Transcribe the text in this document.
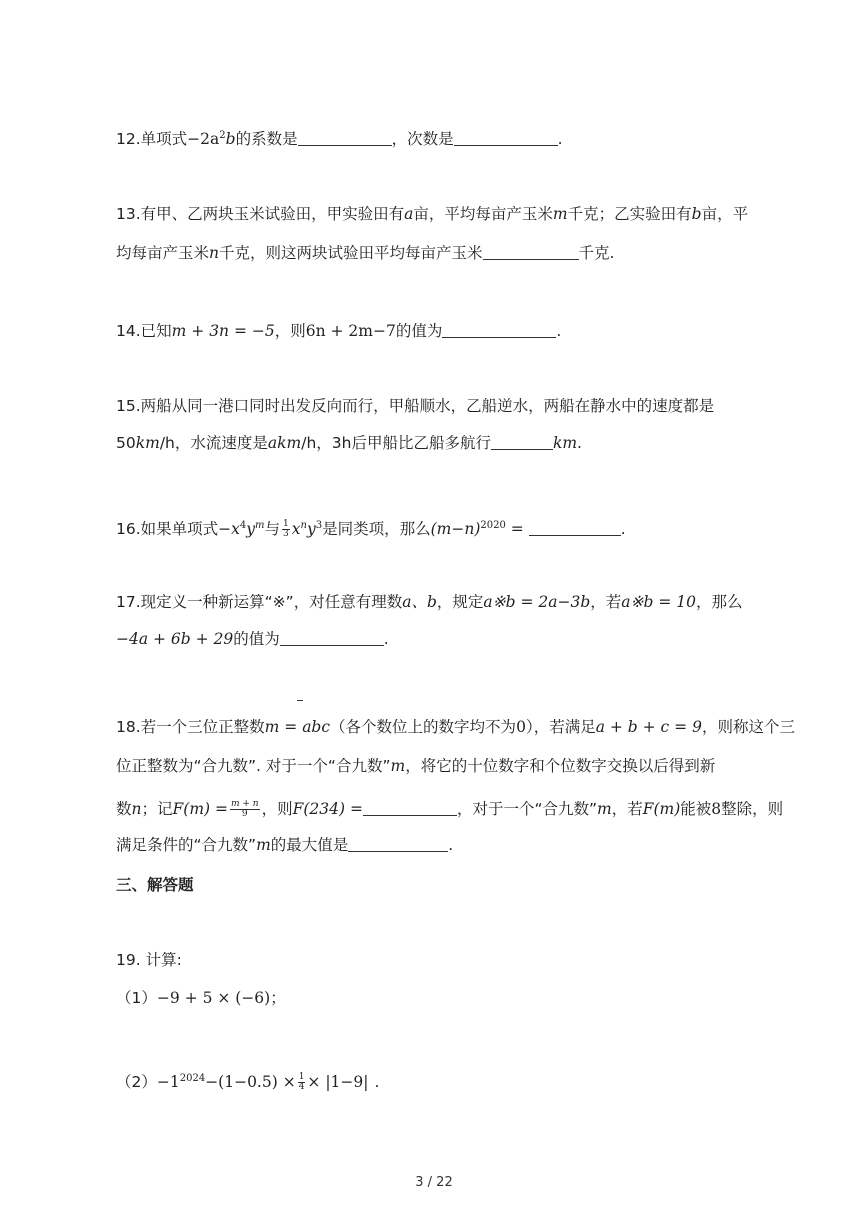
12.单项式$-2a^2b$的系数是	，次数是	.
13.有甲、乙两块玉米试验田，甲实验田有a亩，平均每亩产玉米m千克；乙实验田有b亩，平
均每亩产玉米n千克，则这两块试验田平均每亩产玉米	千克.
14.已知m + 3n = −5，则6n + 2m−7的值为	.
15.两船从同一港口同时出发反向而行，甲船顺水，乙船逆水，两船在静水中的速度都是
50km/h，水流速度是akm/h，3h后甲船比乙船多航行	km.
16.如果单项式$-x^4y^m$与 $\frac{1}{3} x^ny^3$是同类项，那么$(m-n)^{2020}$ =	.
17.现定义一种新运算“※”，对任意有理数a、b，规定a※b = 2a−3b，若a※b = 10，那么
−4a + 6b + 29的值为	.
18.若一个三位正整数m = abc（各个数位上的数字均不为0），若满足a + b + c = 9，则称这个三
位正整数为“合九数”. 对于一个“合九数”m，将它的十位数字和个位数字交换以后得到新
数n；记$F(m) = \frac{m + n}{9}$ ，则F(234) =	，对于一个“合九数”m，若F(m)能被8整除，则
满足条件的“合九数”m的最大值是	.
三、解答题
19. 计算:
（1）−9 + 5 × (−6)；
$(2)-1^{2024}-(1-0.5) \times \frac{1}{4} \times |1-9|$ .
3 / 22
